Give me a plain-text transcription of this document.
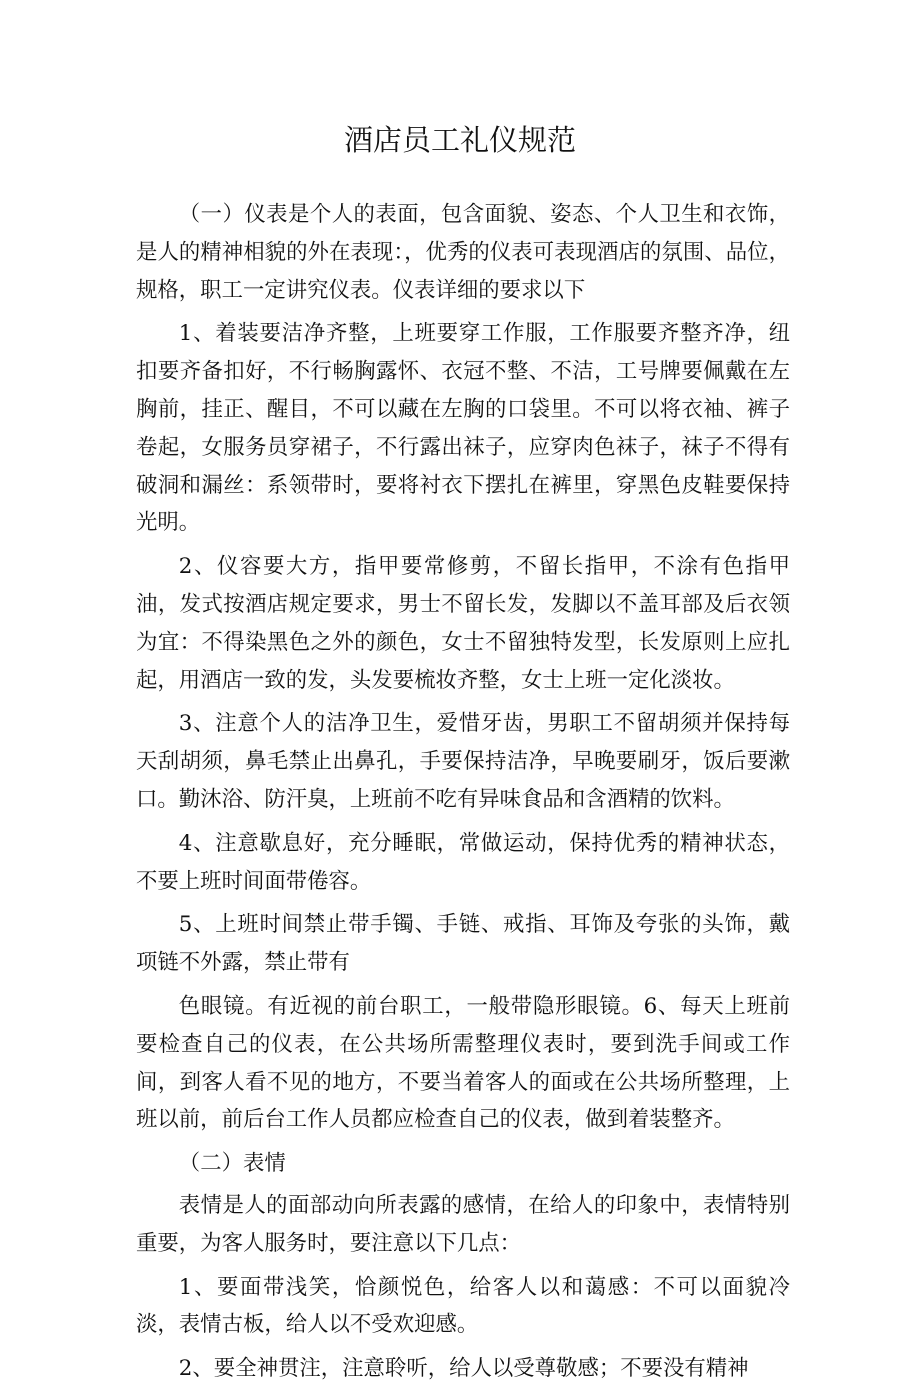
酒店员工礼仪规范

（一）仪表是个人的表面，包含面貌、姿态、个人卫生和衣饰，是人的精神相貌的外在表现：，优秀的仪表可表现酒店的氛围、品位，规格，职工一定讲究仪表。仪表详细的要求以下

1、着装要洁净齐整，上班要穿工作服，工作服要齐整齐净，纽扣要齐备扣好，不行畅胸露怀、衣冠不整、不洁，工号牌要佩戴在左胸前，挂正、醒目，不可以藏在左胸的口袋里。不可以将衣袖、裤子卷起，女服务员穿裙子，不行露出袜子，应穿肉色袜子，袜子不得有破洞和漏丝：系领带时，要将衬衣下摆扎在裤里，穿黑色皮鞋要保持光明。

2、仪容要大方，指甲要常修剪，不留长指甲，不涂有色指甲油，发式按酒店规定要求，男士不留长发，发脚以不盖耳部及后衣领为宜：不得染黑色之外的颜色，女士不留独特发型，长发原则上应扎起，用酒店一致的发，头发要梳妆齐整，女士上班一定化淡妆。

3、注意个人的洁净卫生，爱惜牙齿，男职工不留胡须并保持每天刮胡须，鼻毛禁止出鼻孔，手要保持洁净，早晚要刷牙，饭后要漱口。勤沐浴、防汗臭，上班前不吃有异味食品和含酒精的饮料。

4、注意歇息好，充分睡眠，常做运动，保持优秀的精神状态，不要上班时间面带倦容。

5、上班时间禁止带手镯、手链、戒指、耳饰及夸张的头饰，戴项链不外露，禁止带有

色眼镜。有近视的前台职工，一般带隐形眼镜。6、每天上班前要检查自己的仪表，在公共场所需整理仪表时，要到洗手间或工作间，到客人看不见的地方，不要当着客人的面或在公共场所整理，上班以前，前后台工作人员都应检查自己的仪表，做到着装整齐。

（二）表情

表情是人的面部动向所表露的感情，在给人的印象中，表情特别重要，为客人服务时，要注意以下几点：

1、要面带浅笑，恰颜悦色，给客人以和蔼感：不可以面貌冷淡，表情古板，给人以不受欢迎感。

2、要全神贯注，注意聆听，给人以受尊敬感；不要没有精神
